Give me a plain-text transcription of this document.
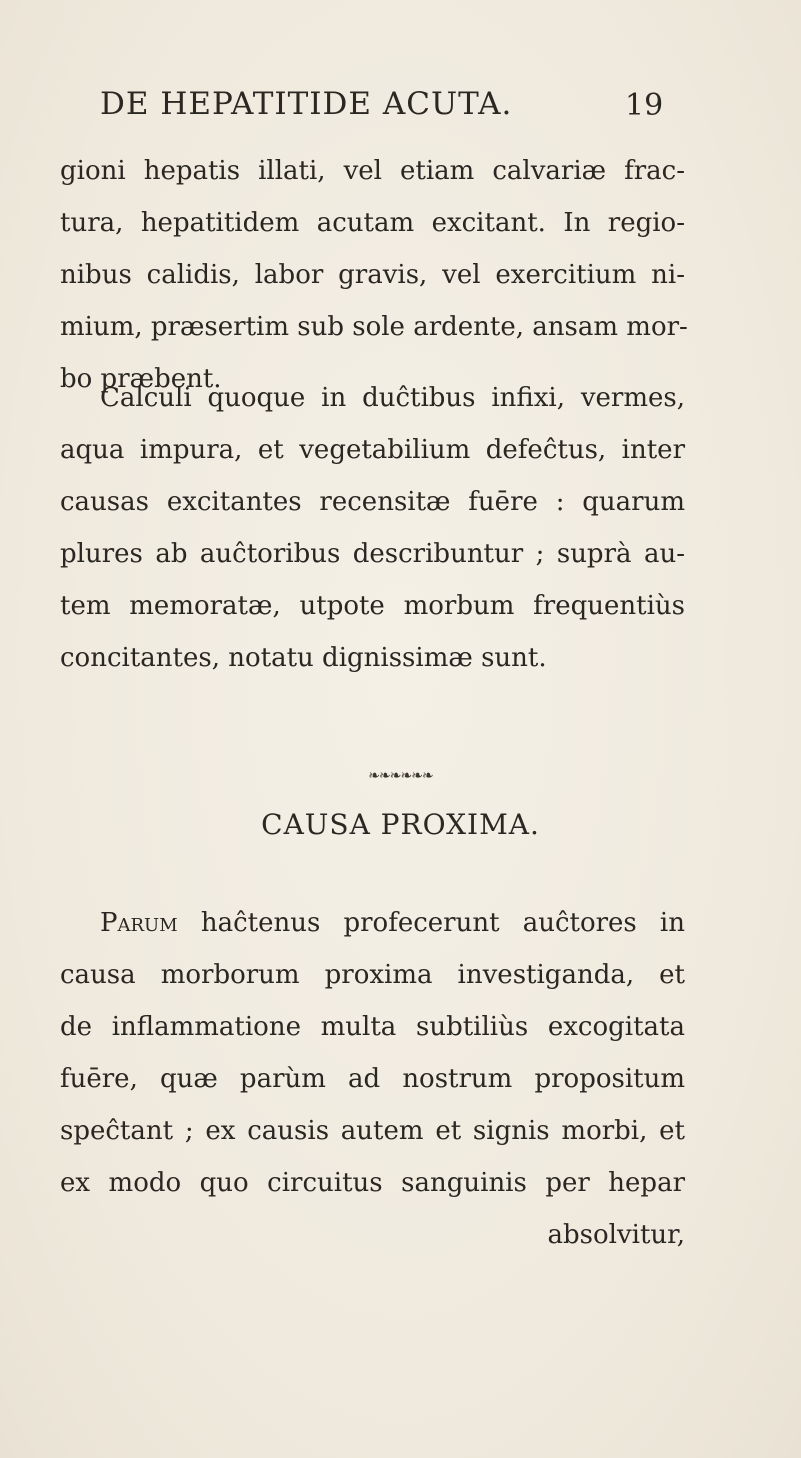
DE HEPATITIDE ACUTA.	19
gioni hepatis illati, vel etiam calvariæ frac-
tura, hepatitidem acutam excitant. In regio-
nibus calidis, labor gravis, vel exercitium ni-
mium, præsertim sub sole ardente, ansam mor-
bo præbent.
Calculi quoque in duĉtibus infixi, vermes,
aqua impura, et vegetabilium defeĉtus, inter
causas excitantes recensitæ fuēre : quarum
plures ab auĉtoribus describuntur ; suprà au-
tem memoratæ, utpote morbum frequentiùs
concitantes, notatu dignissimæ sunt.
❧❧❧❧❧❧
CAUSA PROXIMA.
Parum haĉtenus profecerunt auĉtores in
causa morborum proxima investiganda, et
de inflammatione multa subtiliùs excogitata
fuēre, quæ parùm ad nostrum propositum
speĉtant ; ex causis autem et signis morbi, et
ex modo quo circuitus sanguinis per hepar
absolvitur,
